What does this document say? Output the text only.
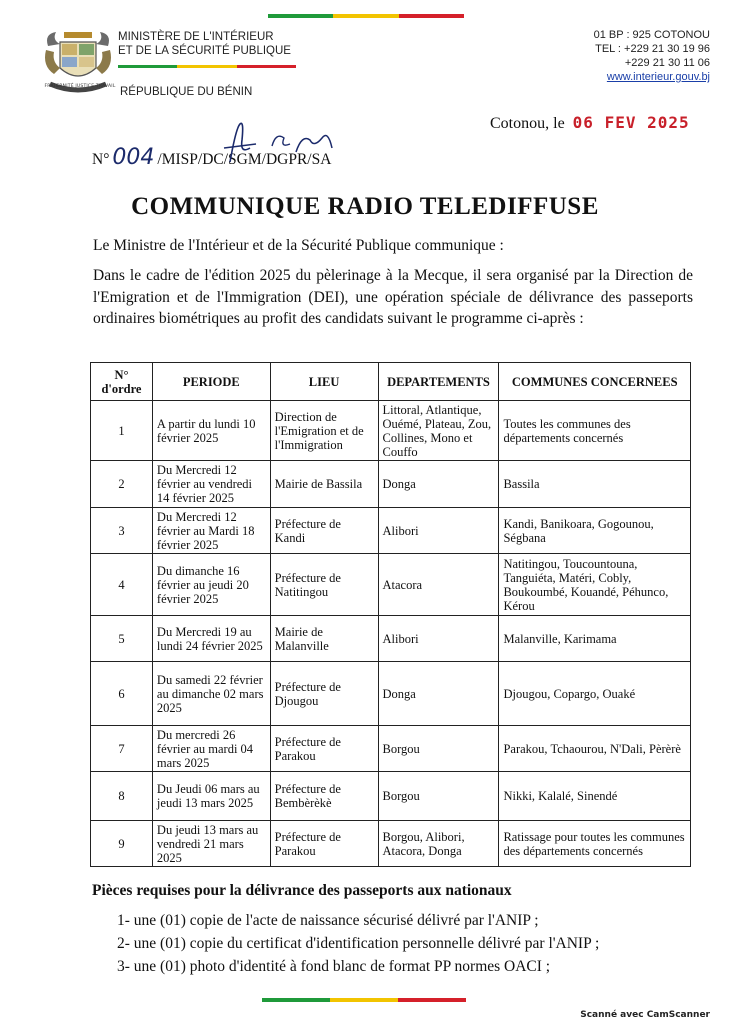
FRATERNITÉ JUSTICE TRAVAIL
MINISTÈRE DE L'INTÉRIEUR
ET DE LA SÉCURITÉ PUBLIQUE
RÉPUBLIQUE DU BÉNIN
01 BP : 925 COTONOU
TEL : +229 21 30 19 96
+229 21 30 11 06
www.interieur.gouv.bj
Cotonou, le 06 FEV 2025
N° 004 /MISP/DC/SGM/DGPR/SA
COMMUNIQUE RADIO TELEDIFFUSE
Le Ministre de l'Intérieur et de la Sécurité Publique communique :
Dans le cadre de l'édition 2025 du pèlerinage à la Mecque, il sera organisé par la Direction de l'Emigration et de l'Immigration (DEI), une opération spéciale de délivrance des passeports ordinaires biométriques au profit des candidats suivant le programme ci-après :
N° d'ordre	PERIODE	LIEU	DEPARTEMENTS	COMMUNES CONCERNEES
1	A partir du lundi 10 février 2025	Direction de l'Emigration et de l'Immigration	Littoral, Atlantique, Ouémé, Plateau, Zou, Collines, Mono et Couffo	Toutes les communes des départements concernés
2	Du Mercredi 12 février au vendredi 14 février 2025	Mairie de Bassila	Donga	Bassila
3	Du Mercredi 12 février au Mardi 18 février 2025	Préfecture de Kandi	Alibori	Kandi, Banikoara, Gogounou, Ségbana
4	Du dimanche 16 février au jeudi 20 février 2025	Préfecture de Natitingou	Atacora	Natitingou, Toucountouna, Tanguiéta, Matéri, Cobly, Boukoumbé, Kouandé, Péhunco, Kérou
5	Du Mercredi 19 au lundi 24 février 2025	Mairie de Malanville	Alibori	Malanville, Karimama
6	Du samedi 22 février au dimanche 02 mars 2025	Préfecture de Djougou	Donga	Djougou, Copargo, Ouaké
7	Du mercredi 26 février au mardi 04 mars 2025	Préfecture de Parakou	Borgou	Parakou, Tchaourou, N'Dali, Pèrèrè
8	Du Jeudi 06 mars au jeudi 13 mars 2025	Préfecture de Bembèrèkè	Borgou	Nikki, Kalalé, Sinendé
9	Du jeudi 13 mars au vendredi 21 mars 2025	Préfecture de Parakou	Borgou, Alibori, Atacora, Donga	Ratissage pour toutes les communes des départements concernés
Pièces requises pour la délivrance des passeports aux nationaux
1- une (01) copie de l'acte de naissance sécurisé délivré par l'ANIP ;
2- une (01) copie du certificat d'identification personnelle délivré par l'ANIP ;
3- une (01) photo d'identité à fond blanc de format PP normes OACI ;
Scanné avec CamScanner
